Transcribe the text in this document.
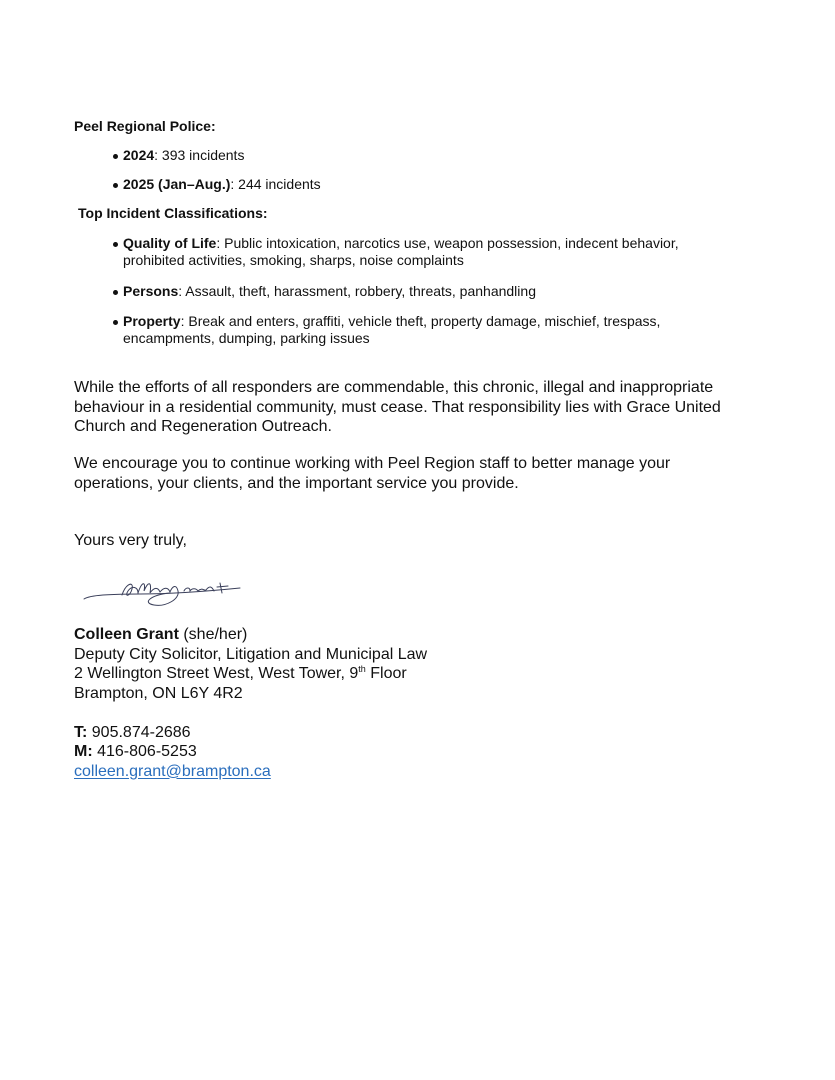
Peel Regional Police:
2024: 393 incidents
2025 (Jan–Aug.): 244 incidents
Top Incident Classifications:
Quality of Life: Public intoxication, narcotics use, weapon possession, indecent behavior,
prohibited activities, smoking, sharps, noise complaints
Persons: Assault, theft, harassment, robbery, threats, panhandling
Property: Break and enters, graffiti, vehicle theft, property damage, mischief, trespass,
encampments, dumping, parking issues
While the efforts of all responders are commendable, this chronic, illegal and inappropriate
behaviour in a residential community, must cease. That responsibility lies with Grace United
Church and Regeneration Outreach.
We encourage you to continue working with Peel Region staff to better manage your
operations, your clients, and the important service you provide.
Yours very truly,
Colleen Grant (she/her)
Deputy City Solicitor, Litigation and Municipal Law
2 Wellington Street West, West Tower, 9th Floor
Brampton, ON L6Y 4R2

T: 905.874-2686
M: 416-806-5253
colleen.grant@brampton.ca
